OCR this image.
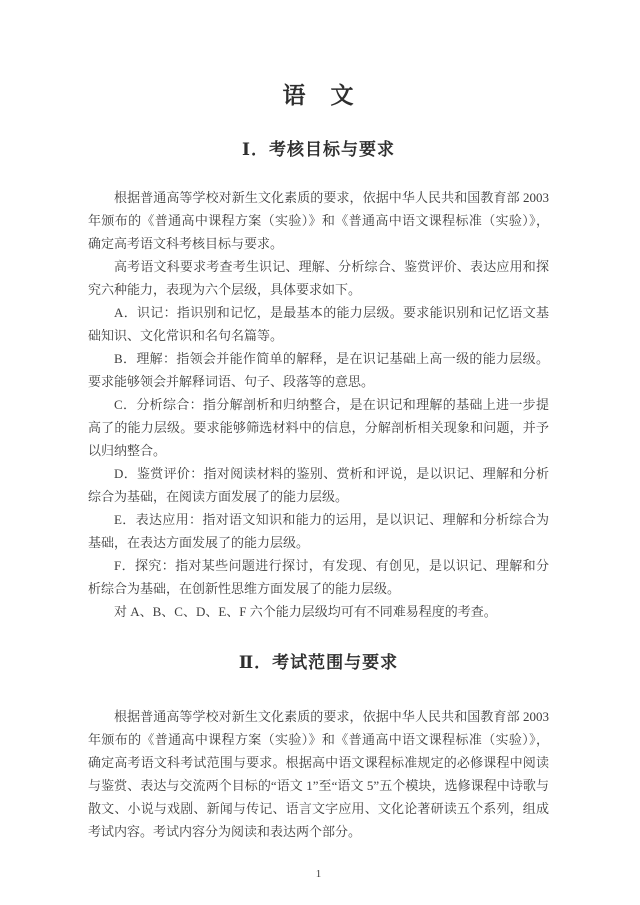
语　文
Ⅰ．考核目标与要求

根据普通高等学校对新生文化素质的要求，依据中华人民共和国教育部 2003 年颁布的《普通高中课程方案（实验）》和《普通高中语文课程标准（实验）》，确定高考语文科考核目标与要求。

高考语文科要求考查考生识记、理解、分析综合、鉴赏评价、表达应用和探究六种能力，表现为六个层级，具体要求如下。

A．识记：指识别和记忆，是最基本的能力层级。要求能识别和记忆语文基础知识、文化常识和名句名篇等。

B．理解：指领会并能作简单的解释，是在识记基础上高一级的能力层级。要求能够领会并解释词语、句子、段落等的意思。

C．分析综合：指分解剖析和归纳整合，是在识记和理解的基础上进一步提高了的能力层级。要求能够筛选材料中的信息，分解剖析相关现象和问题，并予以归纳整合。

D．鉴赏评价：指对阅读材料的鉴别、赏析和评说，是以识记、理解和分析综合为基础，在阅读方面发展了的能力层级。

E．表达应用：指对语文知识和能力的运用，是以识记、理解和分析综合为基础，在表达方面发展了的能力层级。

F．探究：指对某些问题进行探讨，有发现、有创见，是以识记、理解和分析综合为基础，在创新性思维方面发展了的能力层级。

对 A、B、C、D、E、F 六个能力层级均可有不同难易程度的考查。

Ⅱ．考试范围与要求

根据普通高等学校对新生文化素质的要求，依据中华人民共和国教育部 2003 年颁布的《普通高中课程方案（实验）》和《普通高中语文课程标准（实验）》，确定高考语文科考试范围与要求。根据高中语文课程标准规定的必修课程中阅读与鉴赏、表达与交流两个目标的“语文 1”至“语文 5”五个模块，选修课程中诗歌与散文、小说与戏剧、新闻与传记、语言文字应用、文化论著研读五个系列，组成考试内容。考试内容分为阅读和表达两个部分。

1
